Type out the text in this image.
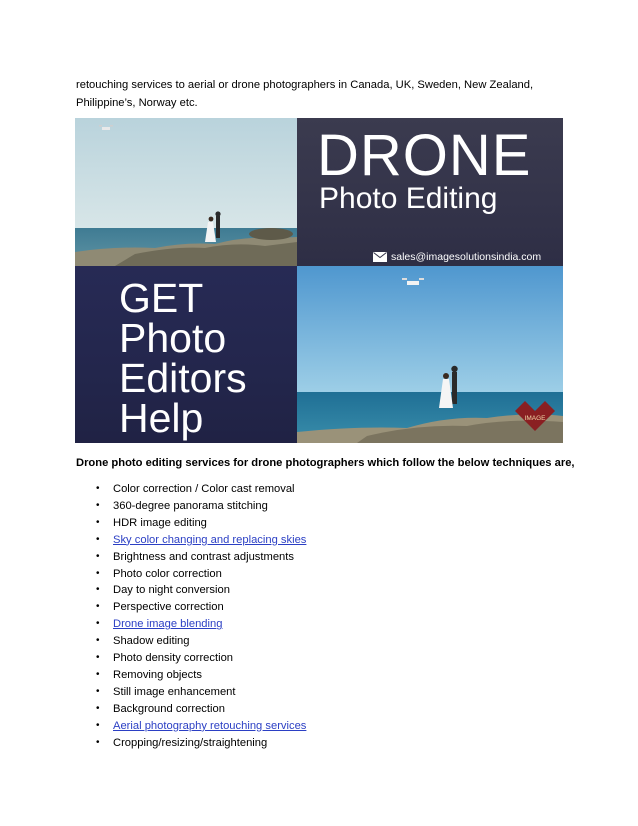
retouching services to aerial or drone photographers in Canada, UK, Sweden, New Zealand, Philippine’s, Norway etc.

DRONE
Photo Editing
sales@imagesolutionsindia.com
GET
Photo
Editors
Help	IMAGE

Drone photo editing services for drone photographers which follow the below techniques are,

• Color correction / Color cast removal
• 360-degree panorama stitching
• HDR image editing
• Sky color changing and replacing skies
• Brightness and contrast adjustments
• Photo color correction
• Day to night conversion
• Perspective correction
• Drone image blending
• Shadow editing
• Photo density correction
• Removing objects
• Still image enhancement
• Background correction
• Aerial photography retouching services
• Cropping/resizing/straightening
